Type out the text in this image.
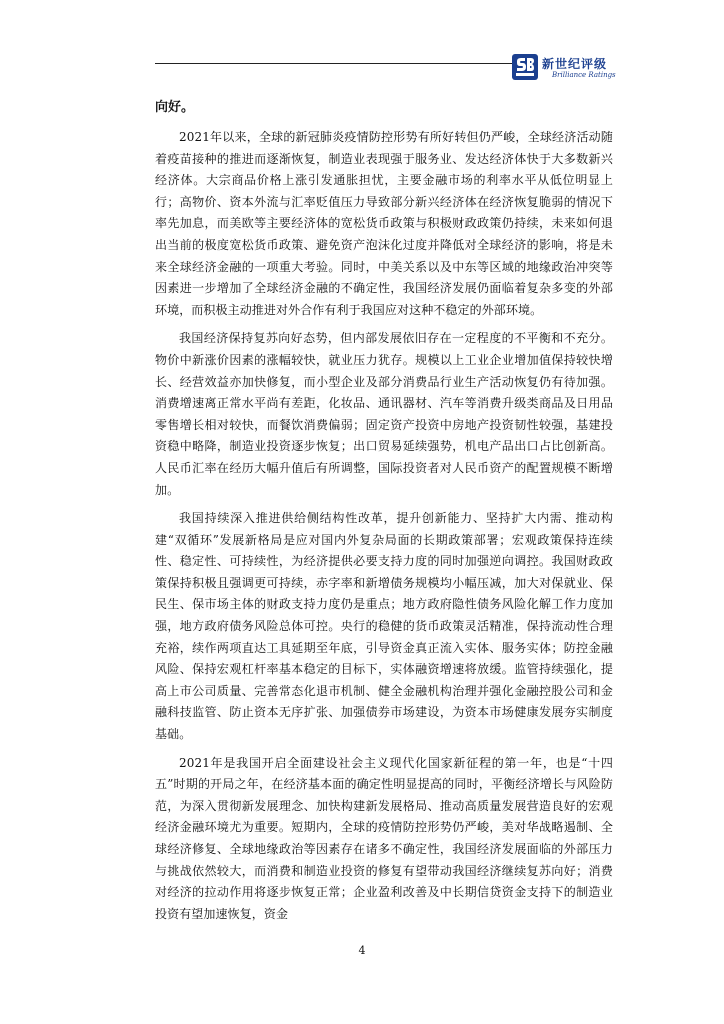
新世纪评级
Brilliance Ratings

向好。

2021年以来，全球的新冠肺炎疫情防控形势有所好转但仍严峻，全球经济活动随着疫苗接种的推进而逐渐恢复，制造业表现强于服务业、发达经济体快于大多数新兴经济体。大宗商品价格上涨引发通胀担忧，主要金融市场的利率水平从低位明显上行；高物价、资本外流与汇率贬值压力导致部分新兴经济体在经济恢复脆弱的情况下率先加息，而美欧等主要经济体的宽松货币政策与积极财政政策仍持续，未来如何退出当前的极度宽松货币政策、避免资产泡沫化过度并降低对全球经济的影响，将是未来全球经济金融的一项重大考验。同时，中美关系以及中东等区域的地缘政治冲突等因素进一步增加了全球经济金融的不确定性，我国经济发展仍面临着复杂多变的外部环境，而积极主动推进对外合作有利于我国应对这种不稳定的外部环境。

我国经济保持复苏向好态势，但内部发展依旧存在一定程度的不平衡和不充分。物价中新涨价因素的涨幅较快，就业压力犹存。规模以上工业企业增加值保持较快增长、经营效益亦加快修复，而小型企业及部分消费品行业生产活动恢复仍有待加强。消费增速离正常水平尚有差距，化妆品、通讯器材、汽车等消费升级类商品及日用品零售增长相对较快，而餐饮消费偏弱；固定资产投资中房地产投资韧性较强，基建投资稳中略降，制造业投资逐步恢复；出口贸易延续强势，机电产品出口占比创新高。人民币汇率在经历大幅升值后有所调整，国际投资者对人民币资产的配置规模不断增加。

我国持续深入推进供给侧结构性改革，提升创新能力、坚持扩大内需、推动构建“双循环”发展新格局是应对国内外复杂局面的长期政策部署；宏观政策保持连续性、稳定性、可持续性，为经济提供必要支持力度的同时加强逆向调控。我国财政政策保持积极且强调更可持续，赤字率和新增债务规模均小幅压减，加大对保就业、保民生、保市场主体的财政支持力度仍是重点；地方政府隐性债务风险化解工作力度加强，地方政府债务风险总体可控。央行的稳健的货币政策灵活精准，保持流动性合理充裕，续作两项直达工具延期至年底，引导资金真正流入实体、服务实体；防控金融风险、保持宏观杠杆率基本稳定的目标下，实体融资增速将放缓。监管持续强化，提高上市公司质量、完善常态化退市机制、健全金融机构治理并强化金融控股公司和金融科技监管、防止资本无序扩张、加强债券市场建设，为资本市场健康发展夯实制度基础。

2021年是我国开启全面建设社会主义现代化国家新征程的第一年，也是“十四五”时期的开局之年，在经济基本面的确定性明显提高的同时，平衡经济增长与风险防范，为深入贯彻新发展理念、加快构建新发展格局、推动高质量发展营造良好的宏观经济金融环境尤为重要。短期内，全球的疫情防控形势仍严峻，美对华战略遏制、全球经济修复、全球地缘政治等因素存在诸多不确定性，我国经济发展面临的外部压力与挑战依然较大，而消费和制造业投资的修复有望带动我国经济继续复苏向好；消费对经济的拉动作用将逐步恢复正常；企业盈利改善及中长期信贷资金支持下的制造业投资有望加速恢复，资金

4
